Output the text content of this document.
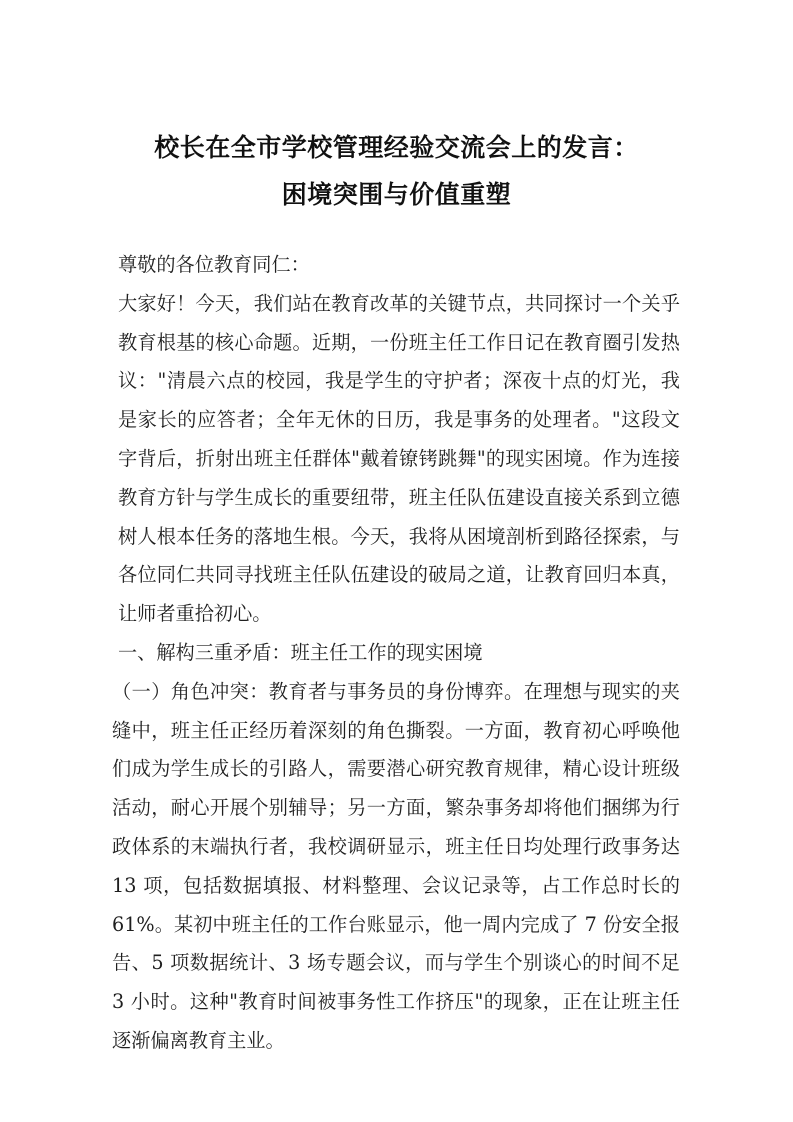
校长在全市学校管理经验交流会上的发言：
困境突围与价值重塑

尊敬的各位教育同仁：

大家好！今天，我们站在教育改革的关键节点，共同探讨一个关乎教育根基的核心命题。近期，一份班主任工作日记在教育圈引发热议："清晨六点的校园，我是学生的守护者；深夜十点的灯光，我是家长的应答者；全年无休的日历，我是事务的处理者。"这段文字背后，折射出班主任群体"戴着镣铐跳舞"的现实困境。作为连接教育方针与学生成长的重要纽带，班主任队伍建设直接关系到立德树人根本任务的落地生根。今天，我将从困境剖析到路径探索，与各位同仁共同寻找班主任队伍建设的破局之道，让教育回归本真，让师者重拾初心。

一、解构三重矛盾：班主任工作的现实困境

（一）角色冲突：教育者与事务员的身份博弈。在理想与现实的夹缝中，班主任正经历着深刻的角色撕裂。一方面，教育初心呼唤他们成为学生成长的引路人，需要潜心研究教育规律，精心设计班级活动，耐心开展个别辅导；另一方面，繁杂事务却将他们捆绑为行政体系的末端执行者，我校调研显示，班主任日均处理行政事务达 13 项，包括数据填报、材料整理、会议记录等，占工作总时长的 61%。某初中班主任的工作台账显示，他一周内完成了 7 份安全报告、5 项数据统计、3 场专题会议，而与学生个别谈心的时间不足 3 小时。这种"教育时间被事务性工作挤压"的现象，正在让班主任逐渐偏离教育主业。
